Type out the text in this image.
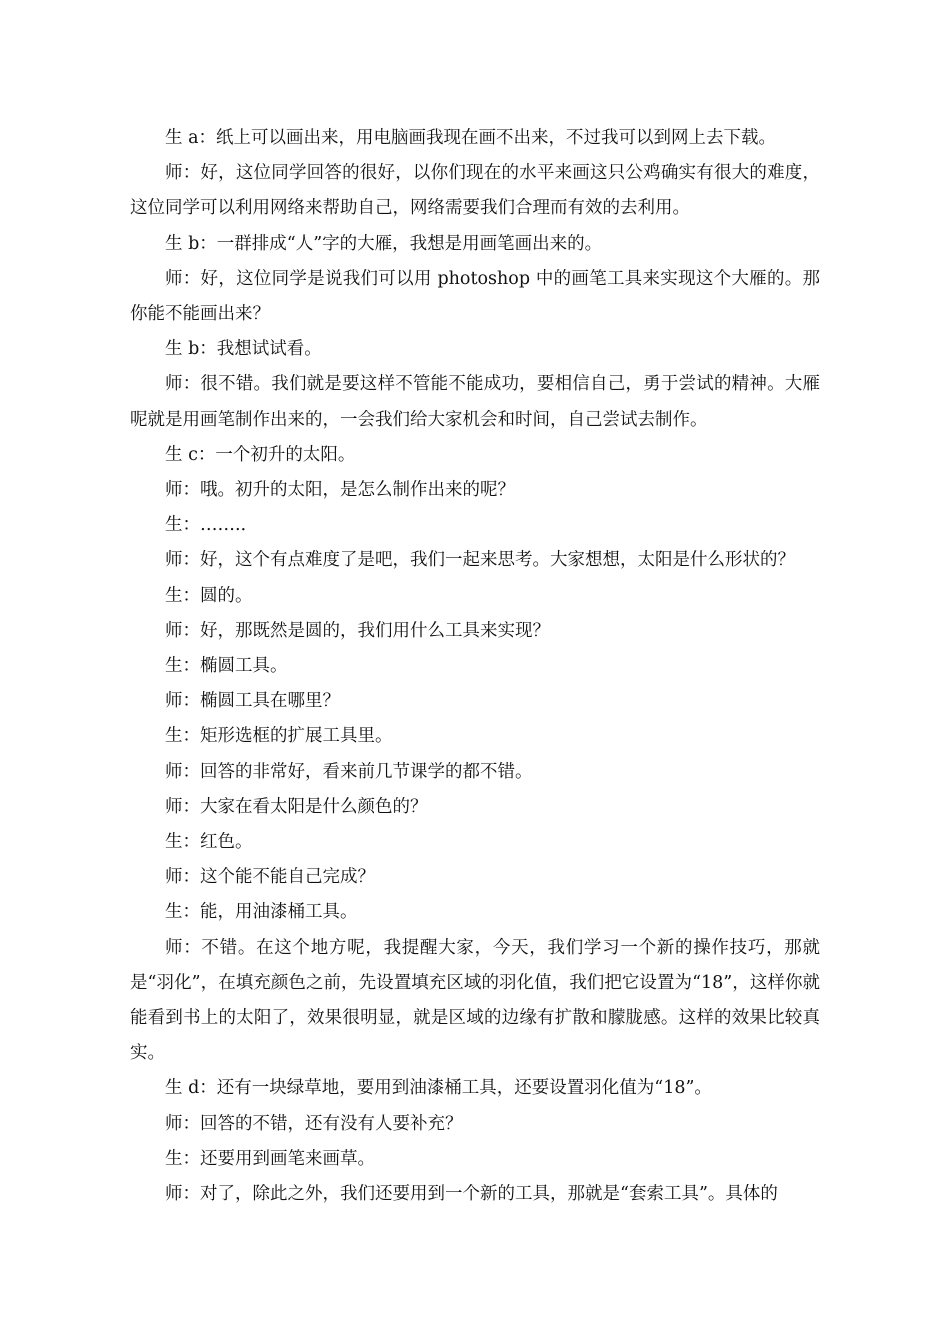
生 a：纸上可以画出来，用电脑画我现在画不出来，不过我可以到网上去下载。

师：好，这位同学回答的很好，以你们现在的水平来画这只公鸡确实有很大的难度，这位同学可以利用网络来帮助自己，网络需要我们合理而有效的去利用。

生 b：一群排成“人”字的大雁，我想是用画笔画出来的。

师：好，这位同学是说我们可以用 photoshop 中的画笔工具来实现这个大雁的。那你能不能画出来？

生 b：我想试试看。

师：很不错。我们就是要这样不管能不能成功，要相信自己，勇于尝试的精神。大雁呢就是用画笔制作出来的，一会我们给大家机会和时间，自己尝试去制作。

生 c：一个初升的太阳。

师：哦。初升的太阳，是怎么制作出来的呢？

生：…….．

师：好，这个有点难度了是吧，我们一起来思考。大家想想，太阳是什么形状的？

生：圆的。

师：好，那既然是圆的，我们用什么工具来实现？

生：椭圆工具。

师：椭圆工具在哪里？

生：矩形选框的扩展工具里。

师：回答的非常好，看来前几节课学的都不错。

师：大家在看太阳是什么颜色的？

生：红色。

师：这个能不能自己完成？

生：能，用油漆桶工具。

师：不错。在这个地方呢，我提醒大家，今天，我们学习一个新的操作技巧，那就是“羽化”，在填充颜色之前，先设置填充区域的羽化值，我们把它设置为“18”，这样你就能看到书上的太阳了，效果很明显，就是区域的边缘有扩散和朦胧感。这样的效果比较真实。

生 d：还有一块绿草地，要用到油漆桶工具，还要设置羽化值为“18”。

师：回答的不错，还有没有人要补充？

生：还要用到画笔来画草。

师：对了，除此之外，我们还要用到一个新的工具，那就是“套索工具”。具体的
